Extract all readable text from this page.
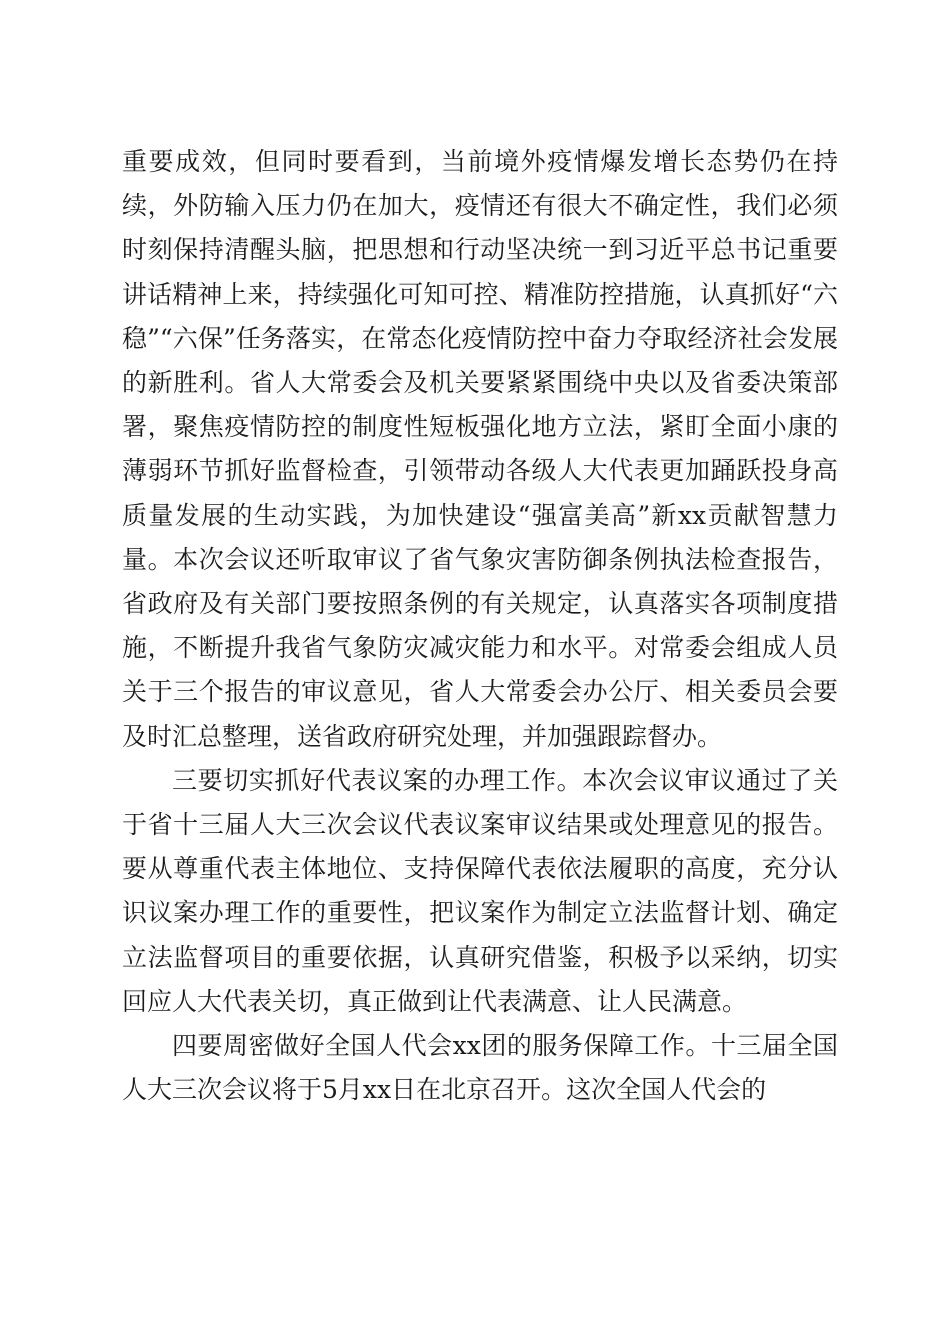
重要成效，但同时要看到，当前境外疫情爆发增长态势仍在持续，外防输入压力仍在加大，疫情还有很大不确定性，我们必须时刻保持清醒头脑，把思想和行动坚决统一到习近平总书记重要讲话精神上来，持续强化可知可控、精准防控措施，认真抓好“六稳”“六保”任务落实，在常态化疫情防控中奋力夺取经济社会发展的新胜利。省人大常委会及机关要紧紧围绕中央以及省委决策部署，聚焦疫情防控的制度性短板强化地方立法，紧盯全面小康的薄弱环节抓好监督检查，引领带动各级人大代表更加踊跃投身高质量发展的生动实践，为加快建设“强富美高”新xx贡献智慧力量。本次会议还听取审议了省气象灾害防御条例执法检查报告，省政府及有关部门要按照条例的有关规定，认真落实各项制度措施，不断提升我省气象防灾减灾能力和水平。对常委会组成人员关于三个报告的审议意见，省人大常委会办公厅、相关委员会要及时汇总整理，送省政府研究处理，并加强跟踪督办。

三要切实抓好代表议案的办理工作。本次会议审议通过了关于省十三届人大三次会议代表议案审议结果或处理意见的报告。要从尊重代表主体地位、支持保障代表依法履职的高度，充分认识议案办理工作的重要性，把议案作为制定立法监督计划、确定立法监督项目的重要依据，认真研究借鉴，积极予以采纳，切实回应人大代表关切，真正做到让代表满意、让人民满意。

四要周密做好全国人代会xx团的服务保障工作。十三届全国人大三次会议将于5月xx日在北京召开。这次全国人代会的
